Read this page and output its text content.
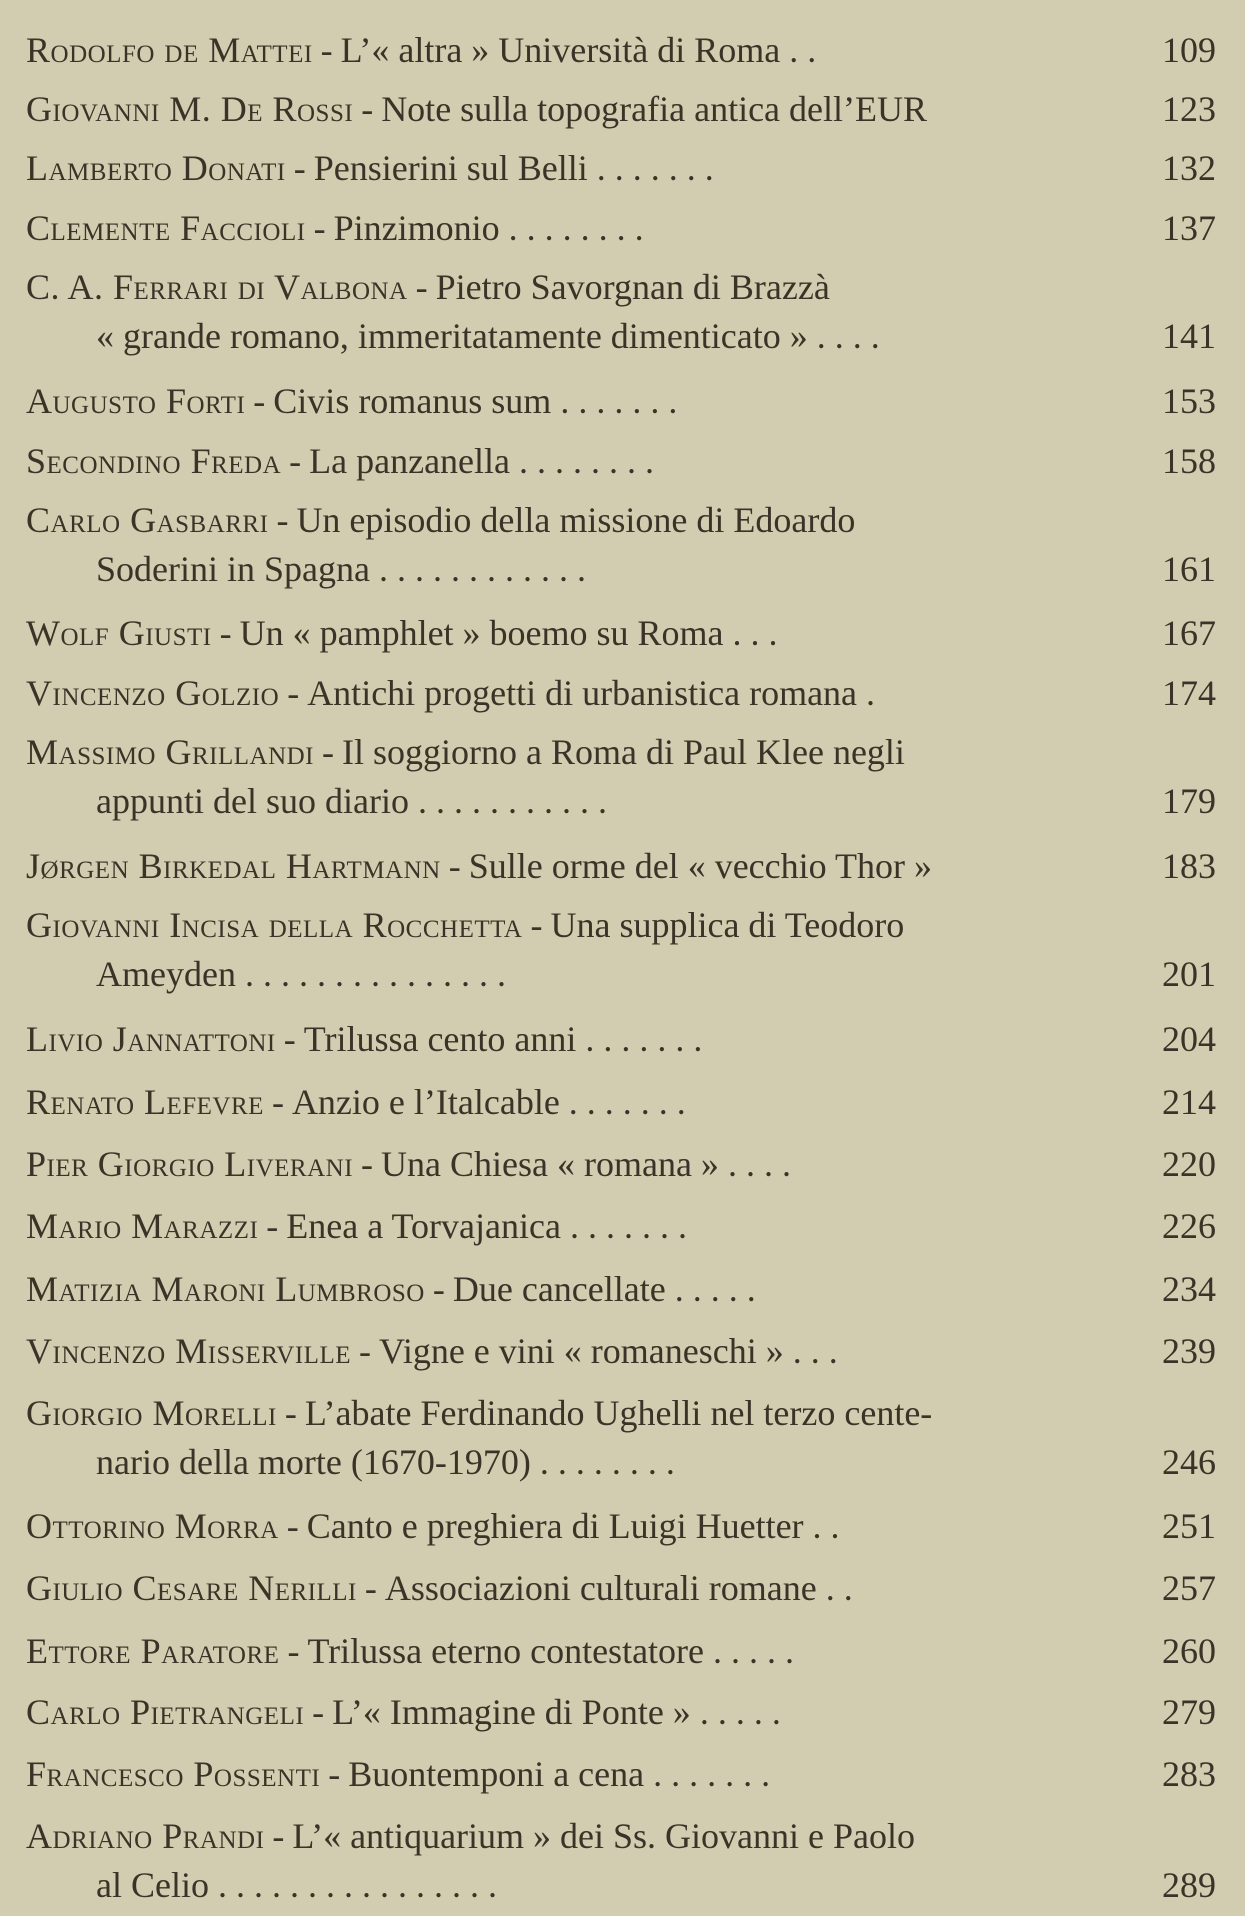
Rodolfo de Mattei - L’« altra » Università di Roma . .	109
Giovanni M. De Rossi - Note sulla topografia antica dell’EUR	123
Lamberto Donati - Pensierini sul Belli . . . . . . .	132
Clemente Faccioli - Pinzimonio . . . . . . . .	137
C. A. Ferrari di Valbona - Pietro Savorgnan di Brazzà
« grande romano, immeritatamente dimenticato » . . . .	141
Augusto Forti - Civis romanus sum . . . . . . .	153
Secondino Freda - La panzanella . . . . . . . .	158
Carlo Gasbarri - Un episodio della missione di Edoardo
Soderini in Spagna . . . . . . . . . . . .	161
Wolf Giusti - Un « pamphlet » boemo su Roma . . .	167
Vincenzo Golzio - Antichi progetti di urbanistica romana .	174
Massimo Grillandi - Il soggiorno a Roma di Paul Klee negli
appunti del suo diario . . . . . . . . . . .	179
Jørgen Birkedal Hartmann - Sulle orme del « vecchio Thor »	183
Giovanni Incisa della Rocchetta - Una supplica di Teodoro
Ameyden . . . . . . . . . . . . . . .	201
Livio Jannattoni - Trilussa cento anni . . . . . . .	204
Renato Lefevre - Anzio e l’Italcable . . . . . . .	214
Pier Giorgio Liverani - Una Chiesa « romana » . . . .	220
Mario Marazzi - Enea a Torvajanica . . . . . . .	226
Matizia Maroni Lumbroso - Due cancellate . . . . .	234
Vincenzo Misserville - Vigne e vini « romaneschi » . . .	239
Giorgio Morelli - L’abate Ferdinando Ughelli nel terzo cente-
nario della morte (1670-1970) . . . . . . . .	246
Ottorino Morra - Canto e preghiera di Luigi Huetter . .	251
Giulio Cesare Nerilli - Associazioni culturali romane . .	257
Ettore Paratore - Trilussa eterno contestatore . . . . .	260
Carlo Pietrangeli - L’« Immagine di Ponte » . . . . .	279
Francesco Possenti - Buontemponi a cena . . . . . . .	283
Adriano Prandi - L’« antiquarium » dei Ss. Giovanni e Paolo
al Celio . . . . . . . . . . . . . . . .	289
